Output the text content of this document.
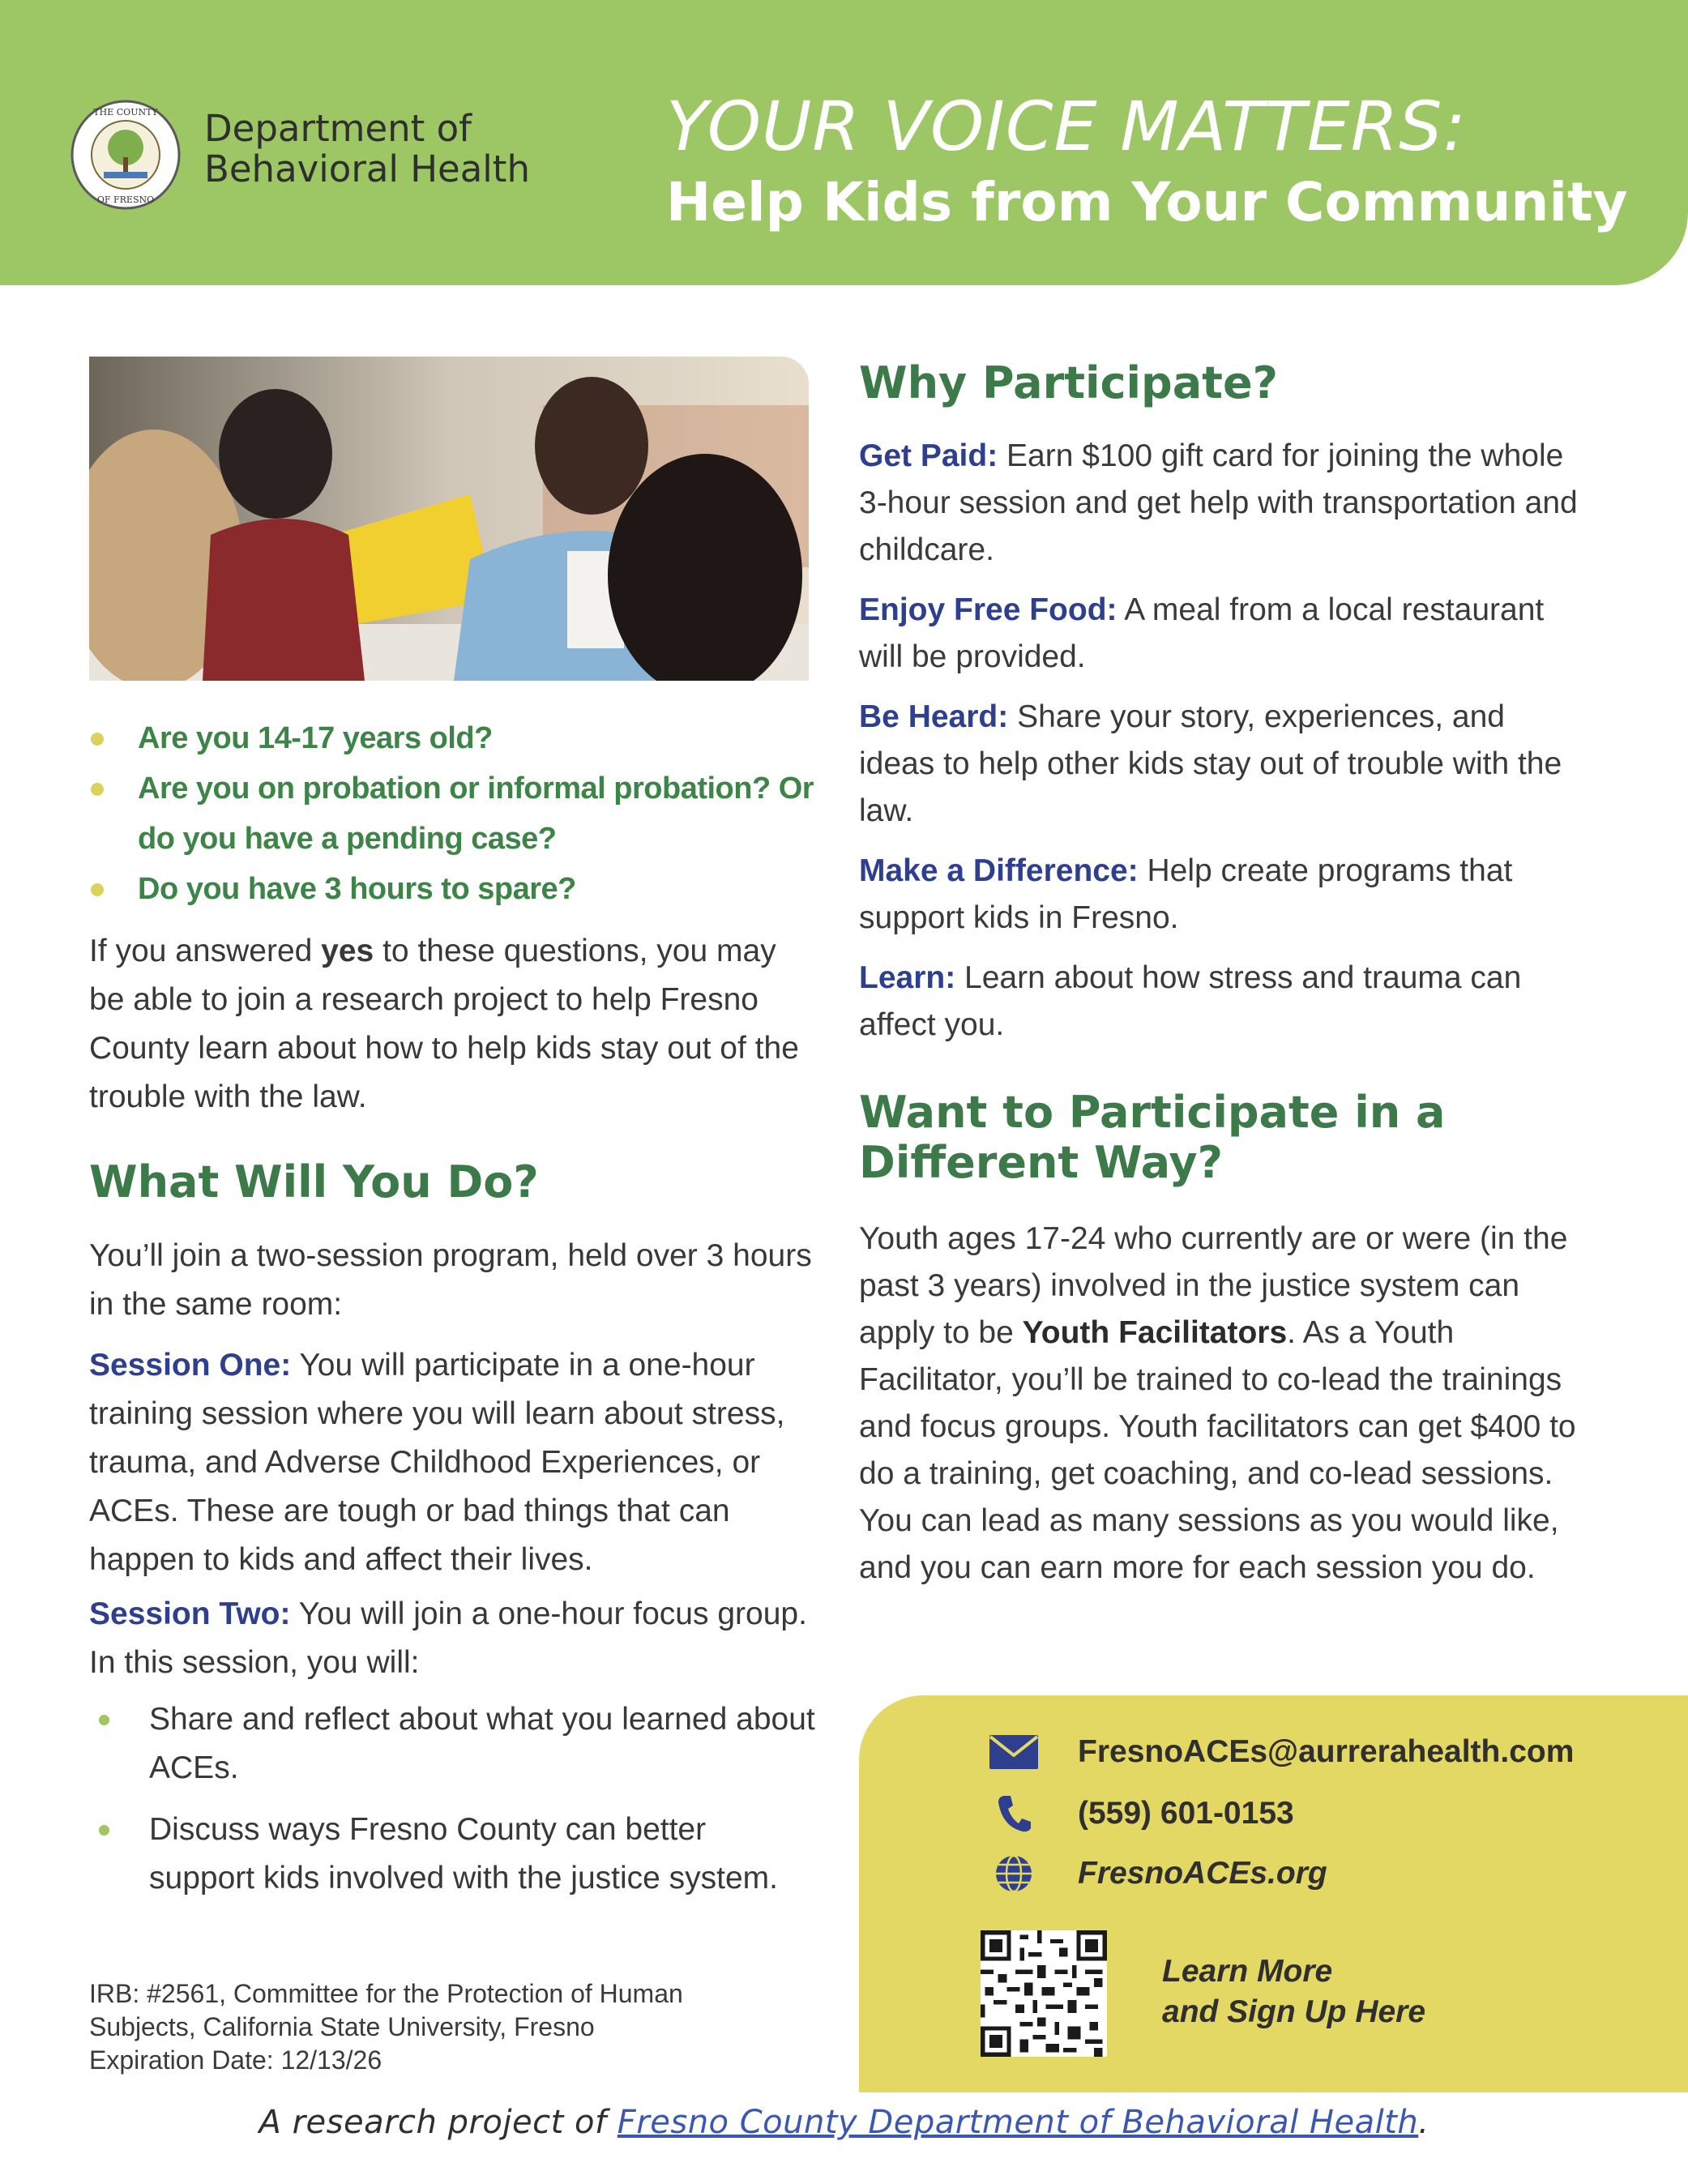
THE COUNTY
OF FRESNO
Department of
Behavioral Health
YOUR VOICE MATTERS:
Help Kids from Your Community
Are you 14-17 years old?
Are you on probation or informal probation? Or do you have a pending case?
Do you have 3 hours to spare?

If you answered yes to these questions, you may be able to join a research project to help Fresno County learn about how to help kids stay out of the trouble with the law.

What Will You Do?

You’ll join a two-session program, held over 3 hours in the same room:

Session One: You will participate in a one-hour training session where you will learn about stress, trauma, and Adverse Childhood Experiences, or ACEs. These are tough or bad things that can happen to kids and affect their lives.

Session Two: You will join a one-hour focus group. In this session, you will:

Share and reflect about what you learned about ACEs.
Discuss ways Fresno County can better support kids involved with the justice system.
IRB: #2561, Committee for the Protection of Human
Subjects, California State University, Fresno
Expiration Date: 12/13/26
Why Participate?

Get Paid: Earn $100 gift card for joining the whole 3-hour session and get help with transportation and childcare.

Enjoy Free Food: A meal from a local restaurant will be provided.

Be Heard: Share your story, experiences, and ideas to help other kids stay out of trouble with the law.

Make a Difference: Help create programs that support kids in Fresno.

Learn: Learn about how stress and trauma can affect you.

Want to Participate in a Different Way?

Youth ages 17-24 who currently are or were (in the past 3 years) involved in the justice system can apply to be Youth Facilitators. As a Youth Facilitator, you’ll be trained to co-lead the trainings and focus groups. Youth facilitators can get $400 to do a training, get coaching, and co-lead sessions. You can lead as many sessions as you would like, and you can earn more for each session you do.

FresnoACEs@aurrerahealth.com
(559) 601-0153
FresnoACEs.org
Learn More
and Sign Up Here
A research project of Fresno County Department of Behavioral Health.
